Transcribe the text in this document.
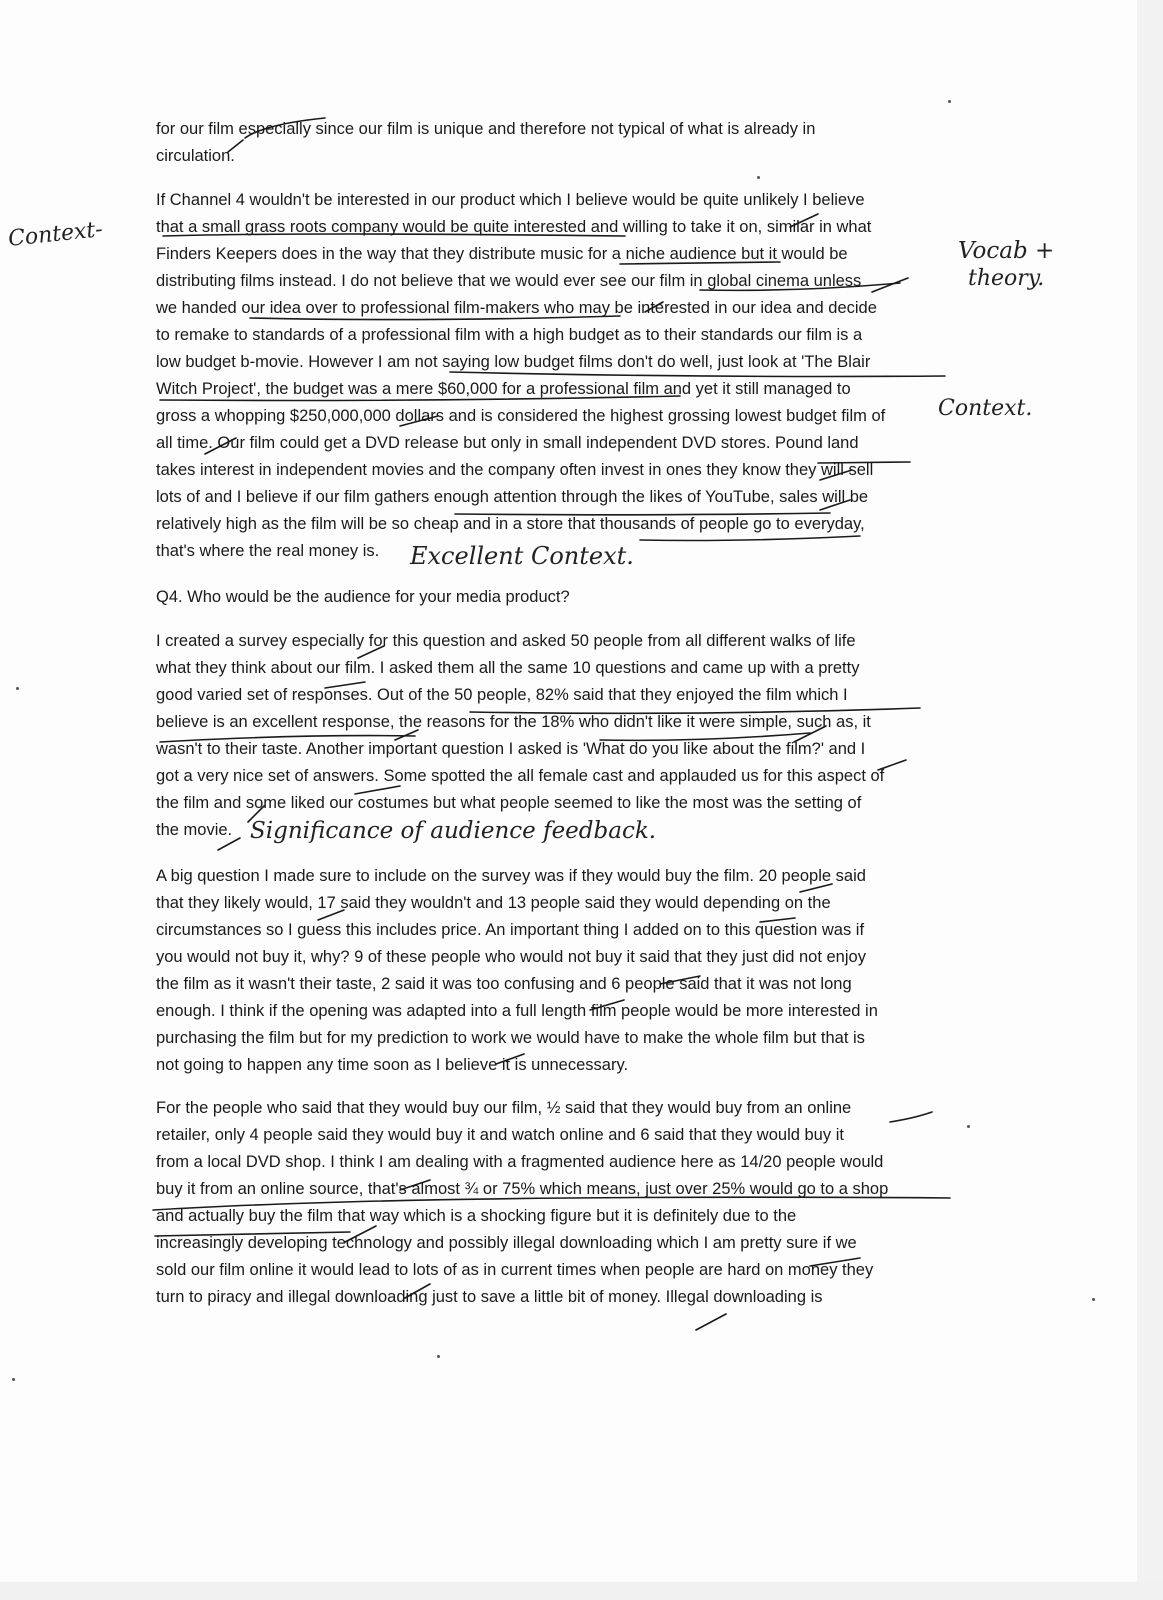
for our film especially since our film is unique and therefore not typical of what is already in
circulation.
If Channel 4 wouldn't be interested in our product which I believe would be quite unlikely I believe
that a small grass roots company would be quite interested and willing to take it on, similar in what
Finders Keepers does in the way that they distribute music for a niche audience but it would be
distributing films instead. I do not believe that we would ever see our film in global cinema unless
we handed our idea over to professional film-makers who may be interested in our idea and decide
to remake to standards of a professional film with a high budget as to their standards our film is a
low budget b-movie. However I am not saying low budget films don't do well, just look at 'The Blair
Witch Project', the budget was a mere $60,000 for a professional film and yet it still managed to
gross a whopping $250,000,000 dollars and is considered the highest grossing lowest budget film of
all time. Our film could get a DVD release but only in small independent DVD stores. Pound land
takes interest in independent movies and the company often invest in ones they know they will sell
lots of and I believe if our film gathers enough attention through the likes of YouTube, sales will be
relatively high as the film will be so cheap and in a store that thousands of people go to everyday,
that's where the real money is.
Q4. Who would be the audience for your media product?
I created a survey especially for this question and asked 50 people from all different walks of life
what they think about our film. I asked them all the same 10 questions and came up with a pretty
good varied set of responses. Out of the 50 people, 82% said that they enjoyed the film which I
believe is an excellent response, the reasons for the 18% who didn't like it were simple, such as, it
wasn't to their taste. Another important question I asked is 'What do you like about the film?' and I
got a very nice set of answers. Some spotted the all female cast and applauded us for this aspect of
the film and some liked our costumes but what people seemed to like the most was the setting of
the movie.
A big question I made sure to include on the survey was if they would buy the film. 20 people said
that they likely would, 17 said they wouldn't and 13 people said they would depending on the
circumstances so I guess this includes price. An important thing I added on to this question was if
you would not buy it, why? 9 of these people who would not buy it said that they just did not enjoy
the film as it wasn't their taste, 2 said it was too confusing and 6 people said that it was not long
enough. I think if the opening was adapted into a full length film people would be more interested in
purchasing the film but for my prediction to work we would have to make the whole film but that is
not going to happen any time soon as I believe it is unnecessary.
For the people who said that they would buy our film, ½ said that they would buy from an online
retailer, only 4 people said they would buy it and watch online and 6 said that they would buy it
from a local DVD shop. I think I am dealing with a fragmented audience here as 14/20 people would
buy it from an online source, that's almost ¾ or 75% which means, just over 25% would go to a shop
and actually buy the film that way which is a shocking figure but it is definitely due to the
increasingly developing technology and possibly illegal downloading which I am pretty sure if we
sold our film online it would lead to lots of as in current times when people are hard on money they
turn to piracy and illegal downloading just to save a little bit of money. Illegal downloading is
Context-	Vocab +
theory.
Context.
Excellent Context.
Significance of audience feedback.
